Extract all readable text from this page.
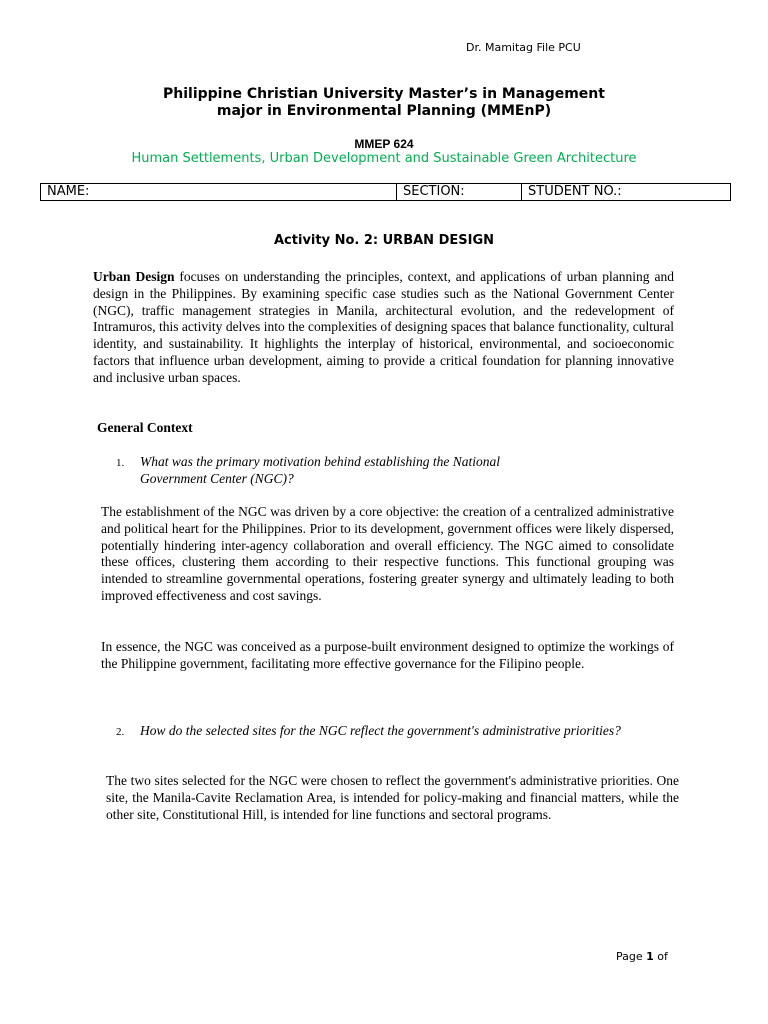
Dr. Mamitag File PCU
Philippine Christian University Master’s in Management
major in Environmental Planning (MMEnP)
MMEP 624
Human Settlements, Urban Development and Sustainable Green Architecture
NAME:	SECTION:	STUDENT NO.:
Activity No. 2: URBAN DESIGN
Urban Design focuses on understanding the principles, context, and applications of urban planning and design in the Philippines. By examining specific case studies such as the National Government Center (NGC), traffic management strategies in Manila, architectural evolution, and the redevelopment of Intramuros, this activity delves into the complexities of designing spaces that balance functionality, cultural identity, and sustainability. It highlights the interplay of historical, environmental, and socioeconomic factors that influence urban development, aiming to provide a critical foundation for planning innovative and inclusive urban spaces.
General Context
1. What was the primary motivation behind establishing the National Government Center (NGC)?
The establishment of the NGC was driven by a core objective: the creation of a centralized administrative and political heart for the Philippines. Prior to its development, government offices were likely dispersed, potentially hindering inter-agency collaboration and overall efficiency. The NGC aimed to consolidate these offices, clustering them according to their respective functions. This functional grouping was intended to streamline governmental operations, fostering greater synergy and ultimately leading to both improved effectiveness and cost savings.
In essence, the NGC was conceived as a purpose-built environment designed to optimize the workings of the Philippine government, facilitating more effective governance for the Filipino people.
2. How do the selected sites for the NGC reflect the government's administrative priorities?
The two sites selected for the NGC were chosen to reflect the government's administrative priorities. One site, the Manila-Cavite Reclamation Area, is intended for policy-making and financial matters, while the other site, Constitutional Hill, is intended for line functions and sectoral programs.
Page 1 of
